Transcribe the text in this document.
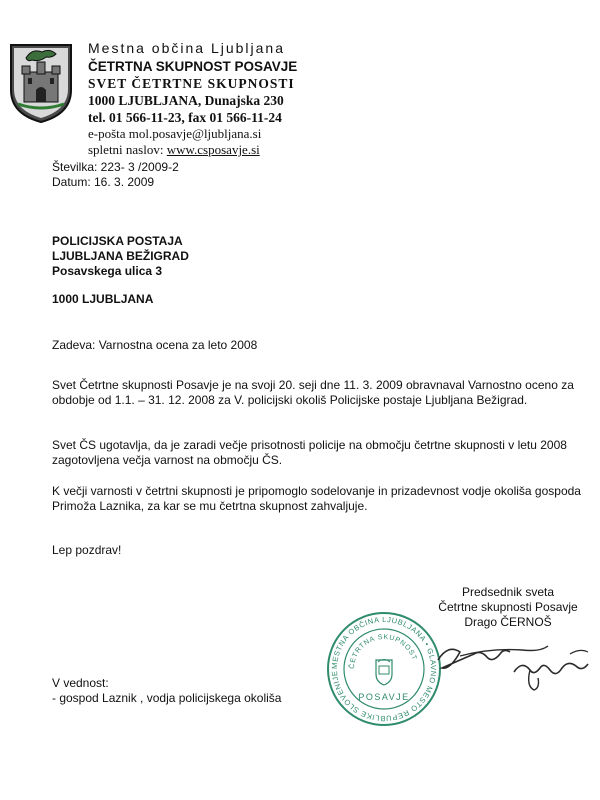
Mestna občina Ljubljana

ČETRTNA SKUPNOST POSAVJE

SVET ČETRTNE SKUPNOSTI

1000 LJUBLJANA, Dunajska 230

tel. 01 566-11-23, fax 01 566-11-24

e-pošta mol.posavje@ljubljana.si

spletni naslov: www.csposavje.si

Številka: 223- 3 /2009-2

Datum: 16. 3. 2009

POLICIJSKA POSTAJA

LJUBLJANA BEŽIGRAD

Posavskega ulica 3

1000 LJUBLJANA
Zadeva: Varnostna ocena za leto 2008
Svet Četrtne skupnosti Posavje je na svoji 20. seji dne 11. 3. 2009 obravnaval Varnostno oceno za obdobje od 1.1. – 31. 12. 2008 za V. policijski okoliš Policijske postaje Ljubljana Bežigrad.
Svet ČS ugotavlja, da je zaradi večje prisotnosti policije na območju četrtne skupnosti v letu 2008 zagotovljena večja varnost na območju ČS.
K večji varnosti v četrtni skupnosti je pripomoglo sodelovanje in prizadevnost vodje okoliša gospoda Primoža Laznika, za kar se mu četrtna skupnost zahvaljuje.
Lep pozdrav!

Predsednik sveta

Četrtne skupnosti Posavje

Drago ČERNOŠ

MESTNA OBČINA LJUBLJANA • GLAVNO MESTO REPUBLIKE SLOVENIJE
ČETRTNA SKUPNOST
POSAVJE

V vednost:

- gospod Laznik , vodja policijskega okoliša
